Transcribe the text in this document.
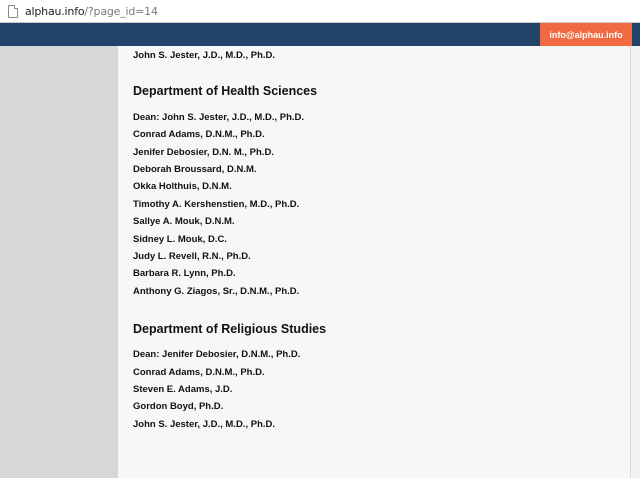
alphau.info/?page_id=14
info@alphau.info
John S. Jester, J.D., M.D., Ph.D.
Department of Health Sciences
Dean: John S. Jester, J.D., M.D., Ph.D.
Conrad Adams, D.N.M., Ph.D.
Jenifer Debosier, D.N. M., Ph.D.
Deborah Broussard, D.N.M.
Okka Holthuis, D.N.M.
Timothy A. Kershenstien, M.D., Ph.D.
Sallye A. Mouk, D.N.M.
Sidney L. Mouk, D.C.
Judy L. Revell, R.N., Ph.D.
Barbara R. Lynn, Ph.D.
Anthony G. Ziagos, Sr., D.N.M., Ph.D.
Department of Religious Studies
Dean: Jenifer Debosier, D.N.M., Ph.D.
Conrad Adams, D.N.M., Ph.D.
Steven E. Adams, J.D.
Gordon Boyd, Ph.D.
John S. Jester, J.D., M.D., Ph.D.
